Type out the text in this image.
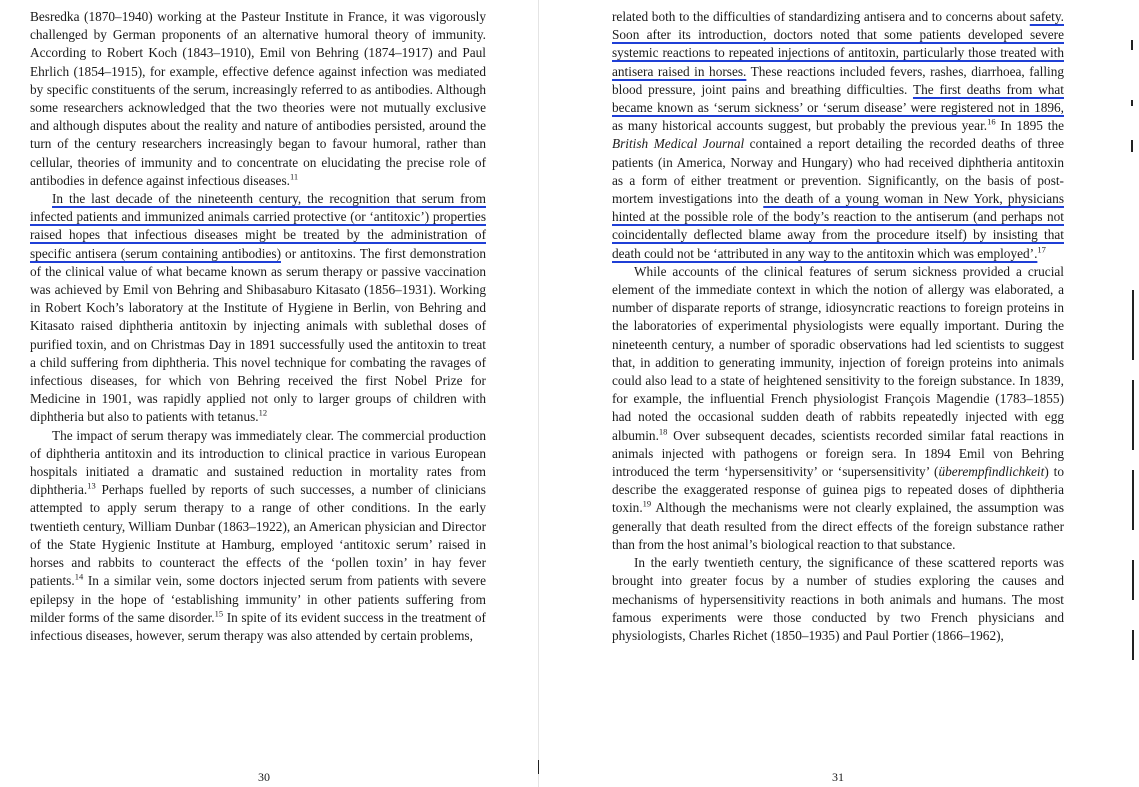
Besredka (1870–1940) working at the Pasteur Institute in France, it was vigorously challenged by German proponents of an alternative humoral theory of immunity. According to Robert Koch (1843–1910), Emil von Behring (1874–1917) and Paul Ehrlich (1854–1915), for example, effective defence against infection was mediated by specific constituents of the serum, increasingly referred to as antibodies. Although some researchers acknowledged that the two theories were not mutually exclusive and although disputes about the reality and nature of antibodies persisted, around the turn of the century researchers increasingly began to favour humoral, rather than cellular, theories of immunity and to concentrate on elucidating the precise role of antibodies in defence against infectious diseases.$^{11}$

In the last decade of the nineteenth century, the recognition that serum from infected patients and immunized animals carried protective (or ‘antitoxic’) properties raised hopes that infectious diseases might be treated by the administration of specific antisera (serum containing antibodies) or antitoxins. The first demonstration of the clinical value of what became known as serum therapy or passive vaccination was achieved by Emil von Behring and Shibasaburo Kitasato (1856–1931). Working in Robert Koch’s laboratory at the Institute of Hygiene in Berlin, von Behring and Kitasato raised diphtheria antitoxin by injecting animals with sublethal doses of purified toxin, and on Christmas Day in 1891 successfully used the antitoxin to treat a child suffering from diphtheria. This novel technique for combating the ravages of infectious diseases, for which von Behring received the first Nobel Prize for Medicine in 1901, was rapidly applied not only to larger groups of children with diphtheria but also to patients with tetanus.$^{12}$

The impact of serum therapy was immediately clear. The commercial production of diphtheria antitoxin and its introduction to clinical practice in various European hospitals initiated a dramatic and sustained reduction in mortality rates from diphtheria.$^{13}$ Perhaps fuelled by reports of such successes, a number of clinicians attempted to apply serum therapy to a range of other conditions. In the early twentieth century, William Dunbar (1863–1922), an American physician and Director of the State Hygienic Institute at Hamburg, employed ‘antitoxic serum’ raised in horses and rabbits to counteract the effects of the ‘pollen toxin’ in hay fever patients.$^{14}$ In a similar vein, some doctors injected serum from patients with severe epilepsy in the hope of ‘establishing immunity’ in other patients suffering from milder forms of the same disorder.$^{15}$ In spite of its evident success in the treatment of infectious diseases, however, serum therapy was also attended by certain problems,

related both to the difficulties of standardizing antisera and to concerns about safety. Soon after its introduction, doctors noted that some patients developed severe systemic reactions to repeated injections of antitoxin, particularly those treated with antisera raised in horses. These reactions included fevers, rashes, diarrhoea, falling blood pressure, joint pains and breathing difficulties. The first deaths from what became known as ‘serum sickness’ or ‘serum disease’ were registered not in 1896, as many historical accounts suggest, but probably the previous year.$^{16}$ In 1895 the British Medical Journal contained a report detailing the recorded deaths of three patients (in America, Norway and Hungary) who had received diphtheria antitoxin as a form of either treatment or prevention. Significantly, on the basis of post-mortem investigations into the death of a young woman in New York, physicians hinted at the possible role of the body’s reaction to the antiserum (and perhaps not coincidentally deflected blame away from the procedure itself) by insisting that death could not be ‘attributed in any way to the antitoxin which was employed’.$^{17}$

While accounts of the clinical features of serum sickness provided a crucial element of the immediate context in which the notion of allergy was elaborated, a number of disparate reports of strange, idiosyncratic reactions to foreign proteins in the laboratories of experimental physiologists were equally important. During the nineteenth century, a number of sporadic observations had led scientists to suggest that, in addition to generating immunity, injection of foreign proteins into animals could also lead to a state of heightened sensitivity to the foreign substance. In 1839, for example, the influential French physiologist François Magendie (1783–1855) had noted the occasional sudden death of rabbits repeatedly injected with egg albumin.$^{18}$ Over subsequent decades, scientists recorded similar fatal reactions in animals injected with pathogens or foreign sera. In 1894 Emil von Behring introduced the term ‘hypersensitivity’ or ‘supersensitivity’ (überempfindlichkeit) to describe the exaggerated response of guinea pigs to repeated doses of diphtheria toxin.$^{19}$ Although the mechanisms were not clearly explained, the assumption was generally that death resulted from the direct effects of the foreign substance rather than from the host animal’s biological reaction to that substance.

In the early twentieth century, the significance of these scattered reports was brought into greater focus by a number of studies exploring the causes and mechanisms of hypersensitivity reactions in both animals and humans. The most famous experiments were those conducted by two French physicians and physiologists, Charles Richet (1850–1935) and Paul Portier (1866–1962),

30	31
